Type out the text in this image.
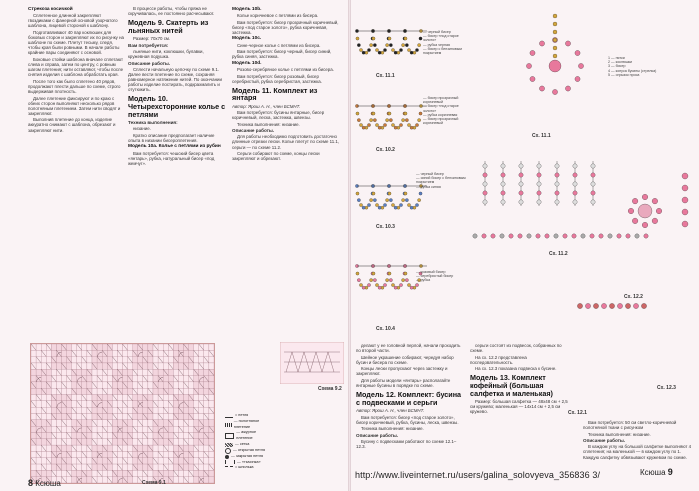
Стрекоза косичкой

Сплетенное длинной закрепляют гвоздиками с фанерной основой узорчатого шаблона, лицевой стороной к шаблону.

Подготавливают 40 пар коклюшек для боковых сторон и закрепляют их по рисунку на шаблоне по схеме. Плетут тесьму, следя, чтобы края были ровными. В начале работы крайние пары соединяют с основой.

Боковые стойки шаблона вначале сплетают слева и справа, затем по центру, с ровным шагом плетения; нити оставляют, чтобы после снятия изделия с шаблона обработать края.

После того как было сплетено 40 рядов, продолжают плести дальше по схеме, строго выдерживая плотность.

Далее плетение фиксируют и по краю с обеих сторон выполняют несколько рядов полотняным плетением. Затем нити сводят и закрепляют.

Выполнив плетение до конца, изделие аккуратно снимают с шаблона, обрезают и закрепляют нити.

В процессе работы, чтобы пряжа не скручивалась, ее постоянно расчесывают.

Модель 9. Скатерть из льняных нитей

Размер: 70x70 см.

Вам потребуется:

льняные нити, коклюшки, булавки, кружевная подушка.

Описание работы.

Сплести начальную цепочку по схеме 9.1. Далее вести плетение по схеме, сохраняя равномерное натяжение нитей. По окончании работы изделие постирать, подкрахмалить и отутюжить.

Модель 10. Четырехсторонние колье с петлями
Техника выполнения:

низание.

Кратко описание предполагает наличие опыта в низании бисероплетения.

Модель 10а. Колье с петлями из рубин

Вам потребуется: чешский бисер цвета «янтарь», рубка, натуральный бисер «под жемчуг».

Модель 10b.

Колье коричневое с петлями из бисера.

Вам потребуется: бисер прозрачный коричневый, бисер «под старое золото», рубка коричневая, застежка.

Модель 10с.

Сине-черное колье с петлями из бисера.

Вам потребуется: бисер черный, бисер синий, рубка синяя, застежка.

Модель 10d.

Розово-серебряное колье с петлями из бисера.

Вам потребуется: бисер розовый, бисер серебристый, рубка серебристая, застежка.

Модель 11. Комплект из янтаря
Автор: Ярош А. Н., член БСМНТ.

Вам потребуется: бусины янтарные, бисер коричневый, леска, застежка, швензы.

Техника выполнения: низание.

Описание работы.

Для работы необходимо подготовить достаточно длинные отрезки лески. Колье плетут по схеме 11.1, серьги — по схеме 11.2.

Серьги собирают по схеме, концы лески закрепляют и обрезают.

Схема 9.1
Схема 9.2
= петля
— полотняное плетение
— ажурное плетение
— сетка
— открытая петля
— закрытая петля
— «тычинка»
= шпилька
8 Ксюша
Сх. 11.1
Сх. 10.2
Сх. 10.3
Сх. 10.4
Сх. 11.1
Сх. 11.2
Сх. 12.2
Сх. 12.3
Сх. 12.1
— черный бисер
— бисер «под старое золото»
— рубка черная
— бисер с бензиновым покрытием
— бисер прозрачный коричневый
— бисер «под старое золото»
— рубка коричневая
— бисер прозрачный коричневый
— черный бисер
— синий бисер с бензиновым покрытием
— рубка синяя
— розовый бисер
— серебристый бисер
— рубка
1 — пятки
2 — коклюшки
3 — бисер
4 — конуса бусины (стрелка)
5 — огрызок проса

делают у ее головной перлой, начали проходить по второй части.

Шейное украшение собирают, чередуя набор бусин и бисера по схеме.

Концы лески пропускают через застежку и закрепляют.

Для работы модели «янтарь» располагайте янтарные бусины в порядке по схеме.

Модель 12. Комплект: бусина с подвесками и серьги
Автор: Ярош А. Н., член БСМНТ.

Вам потребуется: бисер «под старое золото», бисер коричневый, рубка, бусины, леска, швензы.

Техника выполнения: низание.

Описание работы.

Бусину с подвесками работают по схеме 12.1–12.3.

серьги состоят из подвесок, собранных по схеме.

На сх. 12.2 представлена последовательность.

На сх. 12.3 показана подвеска к бусине.

Модель 13. Комплект кофейный (большая салфетка и маленькая)

Размер: большая салфетка — 48x48 см + 2,5 см кружево; маленькая — 14x14 см + 2,5 см кружево.

Вам потребуется: 50 см светло-коричневой полотняной ткани с рисунком

Техника выполнения: низание.

Описание работы.

В каждом углу на большой салфетке выполняют 4 сплетения; на маленькой — в каждом углу по 1. Каждую салфетку обвязывают кружевом по схеме.

Ксюша 9
http://www.liveinternet.ru/users/galina_solovyeva_356836 3/
